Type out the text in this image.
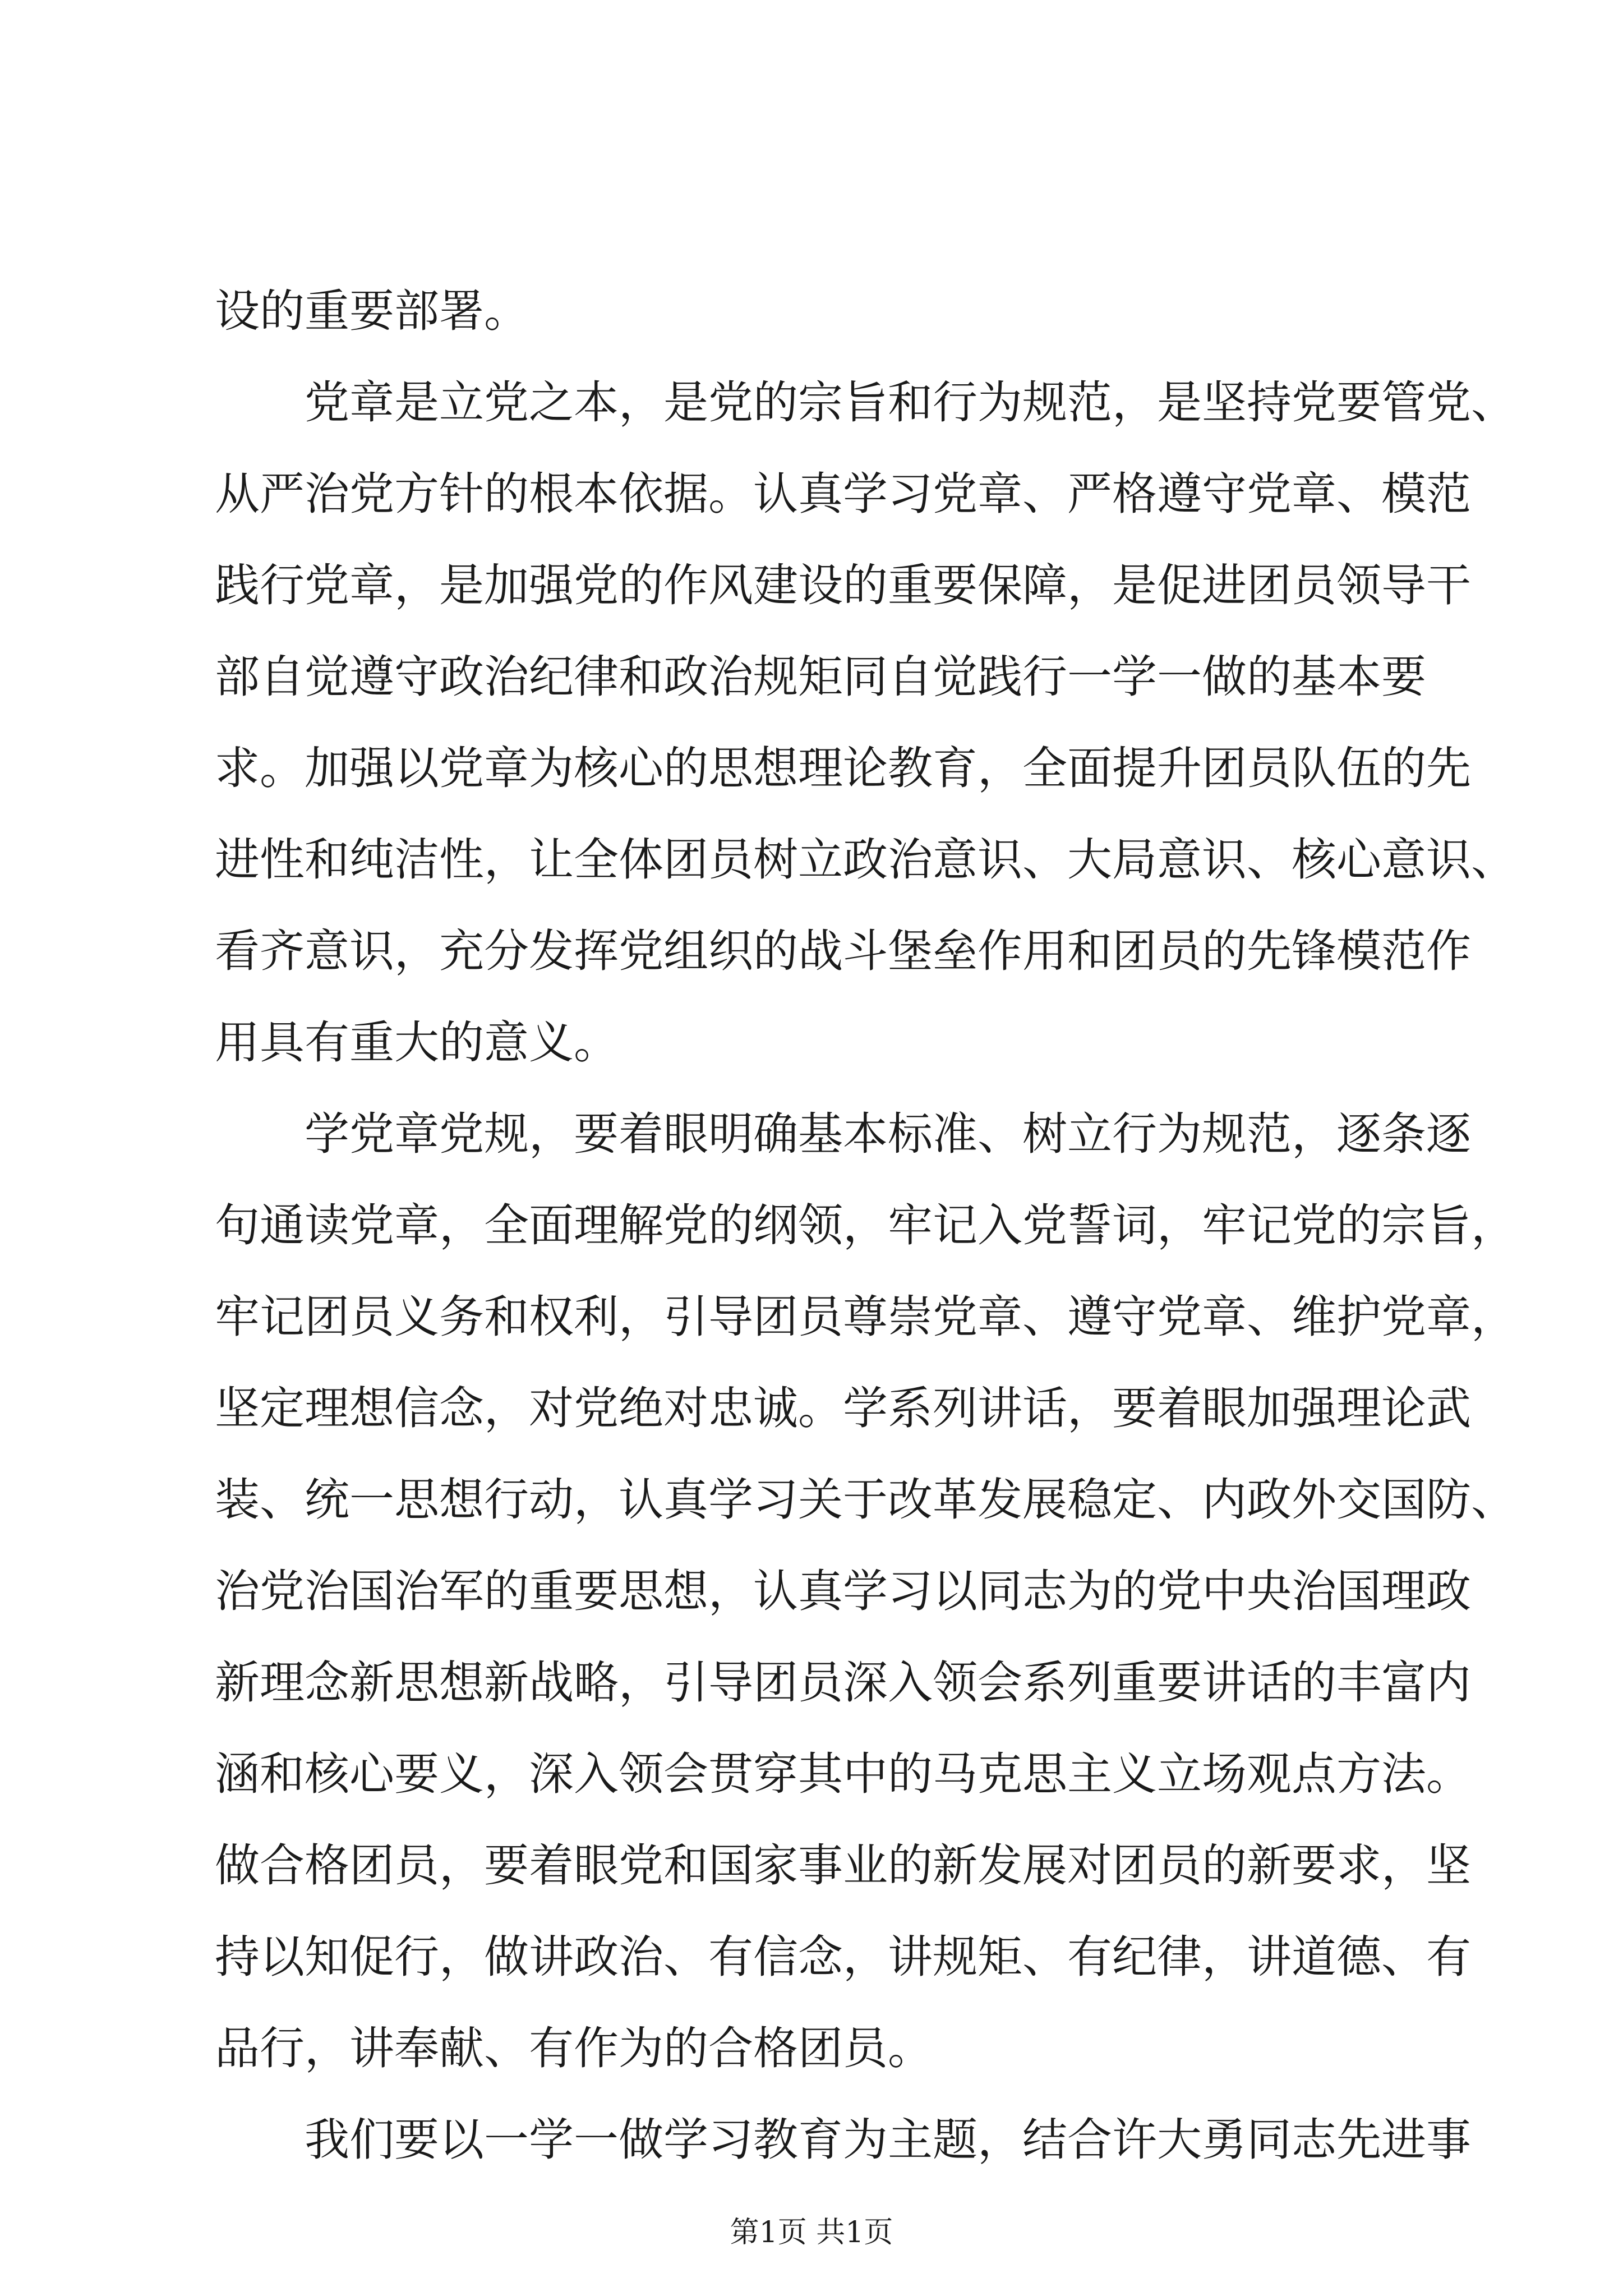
设的重要部署。
党章是立党之本，是党的宗旨和行为规范，是坚持党要管党、
从严治党方针的根本依据。认真学习党章、严格遵守党章、模范
践行党章，是加强党的作风建设的重要保障，是促进团员领导干
部自觉遵守政治纪律和政治规矩同自觉践行一学一做的基本要
求。加强以党章为核心的思想理论教育，全面提升团员队伍的先
进性和纯洁性，让全体团员树立政治意识、大局意识、核心意识、
看齐意识，充分发挥党组织的战斗堡垒作用和团员的先锋模范作
用具有重大的意义。
学党章党规，要着眼明确基本标准、树立行为规范，逐条逐
句通读党章，全面理解党的纲领，牢记入党誓词，牢记党的宗旨，
牢记团员义务和权利，引导团员尊崇党章、遵守党章、维护党章，
坚定理想信念，对党绝对忠诚。学系列讲话，要着眼加强理论武
装、统一思想行动，认真学习关于改革发展稳定、内政外交国防、
治党治国治军的重要思想，认真学习以同志为的党中央治国理政
新理念新思想新战略，引导团员深入领会系列重要讲话的丰富内
涵和核心要义，深入领会贯穿其中的马克思主义立场观点方法。
做合格团员，要着眼党和国家事业的新发展对团员的新要求，坚
持以知促行，做讲政治、有信念，讲规矩、有纪律，讲道德、有
品行，讲奉献、有作为的合格团员。
我们要以一学一做学习教育为主题，结合许大勇同志先进事
第1页 共1页
